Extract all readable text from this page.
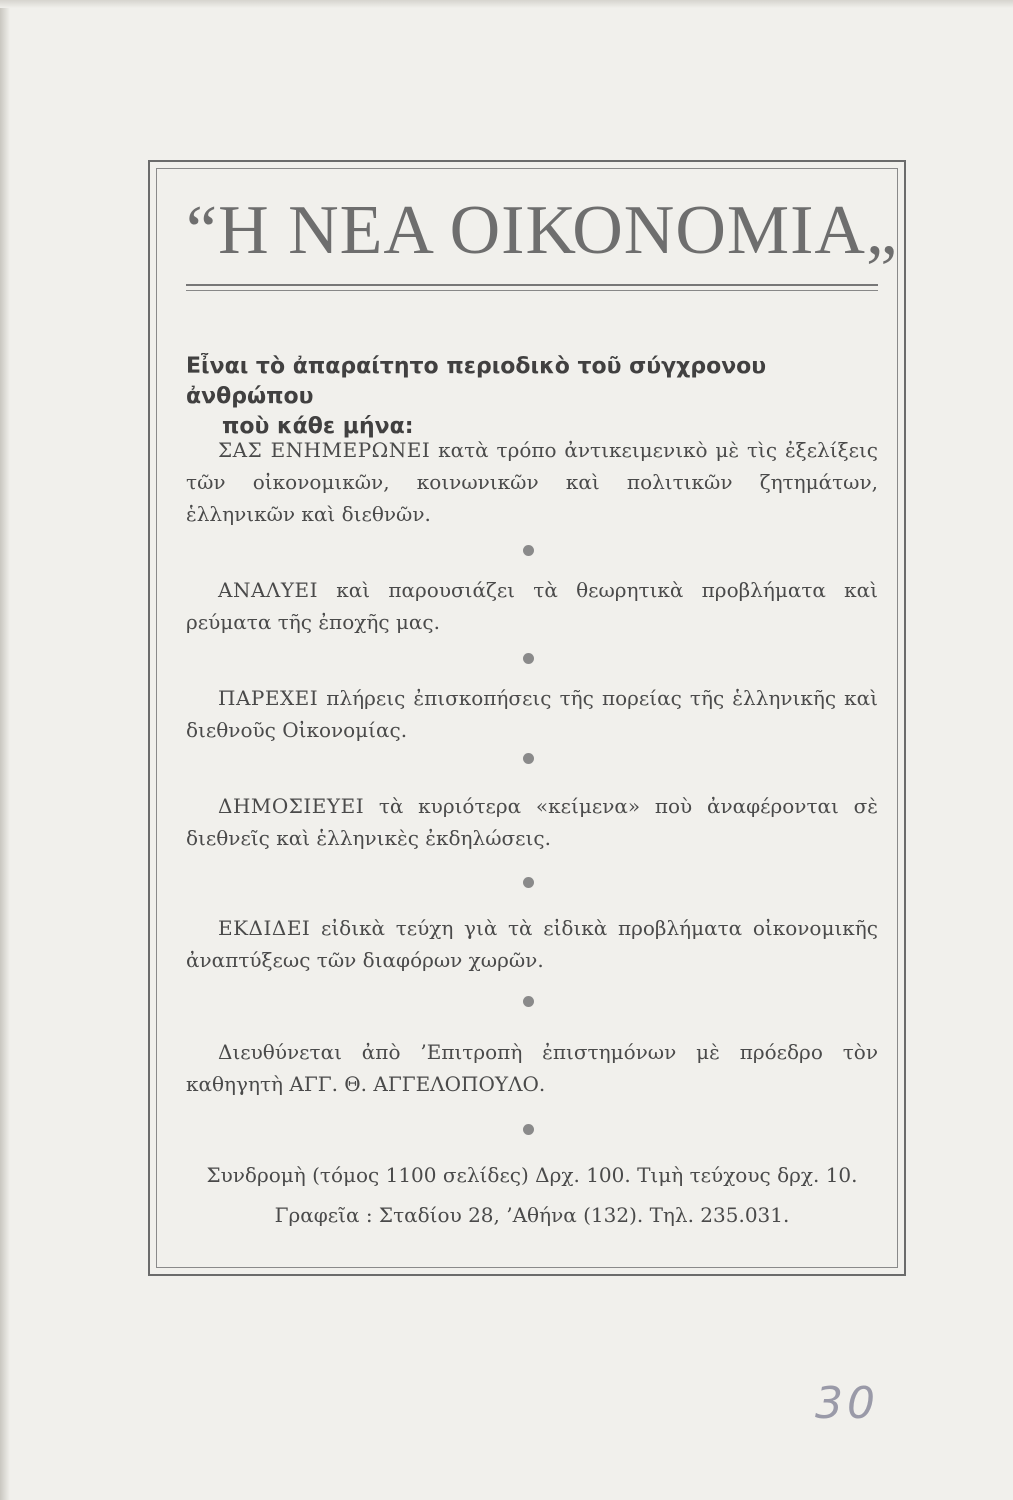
“Η ΝΕΑ ΟΙΚΟΝΟΜΙΑ„
Εἶναι τὸ ἀπαραίτητο περιοδικὸ τοῦ σύγχρονου ἀνθρώπου
ποὺ κάθε μήνα:
ΣΑΣ ΕΝΗΜΕΡΩΝΕΙ κατὰ τρόπο ἀντικειμενικὸ μὲ τὶς ἐξελίξεις τῶν οἰκονομικῶν, κοινωνικῶν καὶ πολιτικῶν ζητημάτων, ἑλληνικῶν καὶ διεθνῶν.
ΑΝΑΛΥΕΙ καὶ παρουσιάζει τὰ θεωρητικὰ προβλήματα καὶ ρεύματα τῆς ἐποχῆς μας.
ΠΑΡΕΧΕΙ πλήρεις ἐπισκοπήσεις τῆς πορείας τῆς ἑλληνικῆς καὶ διεθνοῦς Οἰκονομίας.
ΔΗΜΟΣΙΕΥΕΙ τὰ κυριότερα «κείμενα» ποὺ ἀναφέρονται σὲ διεθνεῖς καὶ ἑλληνικὲς ἐκδηλώσεις.
ΕΚΔΙΔΕΙ εἰδικὰ τεύχη γιὰ τὰ εἰδικὰ προβλήματα οἰκονομικῆς ἀναπτύξεως τῶν διαφόρων χωρῶν.
Διευθύνεται ἀπὸ ’Επιτροπὴ ἐπιστημόνων μὲ πρόεδρο τὸν καθηγητὴ ΑΓΓ. Θ. ΑΓΓΕΛΟΠΟΥΛΟ.
Συνδρομὴ (τόμος 1100 σελίδες) Δρχ. 100. Τιμὴ τεύχους δρχ. 10.
Γραφεῖα : Σταδίου 28, ’Αθήνα (132). Τηλ. 235.031.
30
